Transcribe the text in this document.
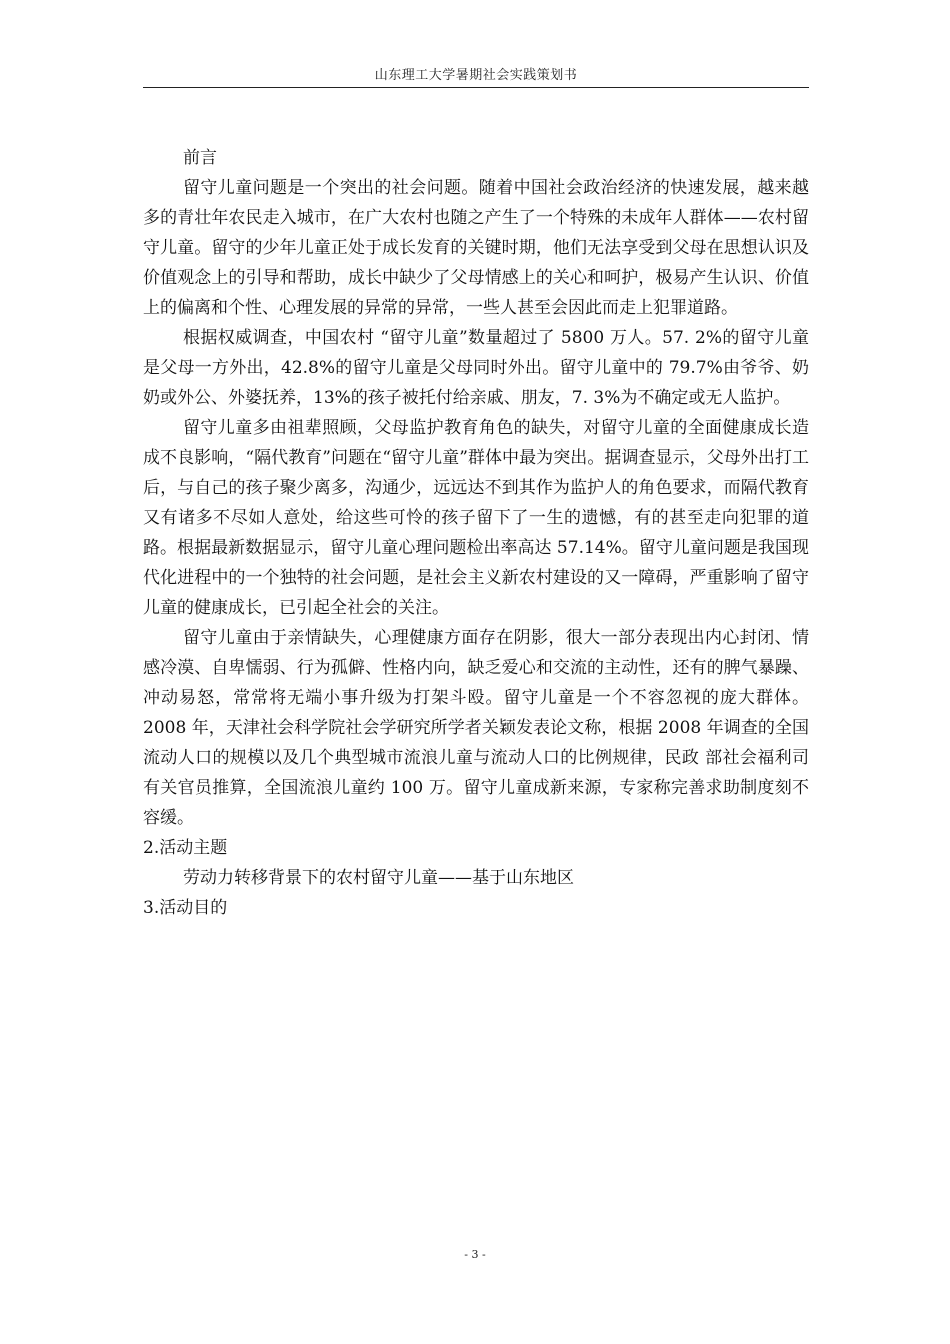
山东理工大学暑期社会实践策划书

前言

留守儿童问题是一个突出的社会问题。随着中国社会政治经济的快速发展，越来越多的青壮年农民走入城市，在广大农村也随之产生了一个特殊的未成年人群体——农村留守儿童。留守的少年儿童正处于成长发育的关键时期，他们无法享受到父母在思想认识及价值观念上的引导和帮助，成长中缺少了父母情感上的关心和呵护，极易产生认识、价值上的偏离和个性、心理发展的异常的异常，一些人甚至会因此而走上犯罪道路。

根据权威调查，中国农村 “留守儿童”数量超过了 5800 万人。57. 2%的留守儿童是父母一方外出，42.8%的留守儿童是父母同时外出。留守儿童中的 79.7%由爷爷、奶奶或外公、外婆抚养，13%的孩子被托付给亲戚、朋友，7. 3%为不确定或无人监护。

留守儿童多由祖辈照顾，父母监护教育角色的缺失，对留守儿童的全面健康成长造成不良影响，“隔代教育”问题在“留守儿童”群体中最为突出。据调查显示，父母外出打工后，与自己的孩子聚少离多，沟通少，远远达不到其作为监护人的角色要求，而隔代教育又有诸多不尽如人意处，给这些可怜的孩子留下了一生的遗憾，有的甚至走向犯罪的道路。根据最新数据显示，留守儿童心理问题检出率高达 57.14%。留守儿童问题是我国现代化进程中的一个独特的社会问题，是社会主义新农村建设的又一障碍，严重影响了留守儿童的健康成长，已引起全社会的关注。

留守儿童由于亲情缺失，心理健康方面存在阴影，很大一部分表现出内心封闭、情感冷漠、自卑懦弱、行为孤僻、性格内向，缺乏爱心和交流的主动性，还有的脾气暴躁、冲动易怒，常常将无端小事升级为打架斗殴。留守儿童是一个不容忽视的庞大群体。2008 年，天津社会科学院社会学研究所学者关颖发表论文称，根据 2008 年调查的全国流动人口的规模以及几个典型城市流浪儿童与流动人口的比例规律，民政 部社会福利司有关官员推算，全国流浪儿童约 100 万。留守儿童成新来源，专家称完善求助制度刻不容缓。

2.活动主题

劳动力转移背景下的农村留守儿童——基于山东地区

3.活动目的

- 3 -
